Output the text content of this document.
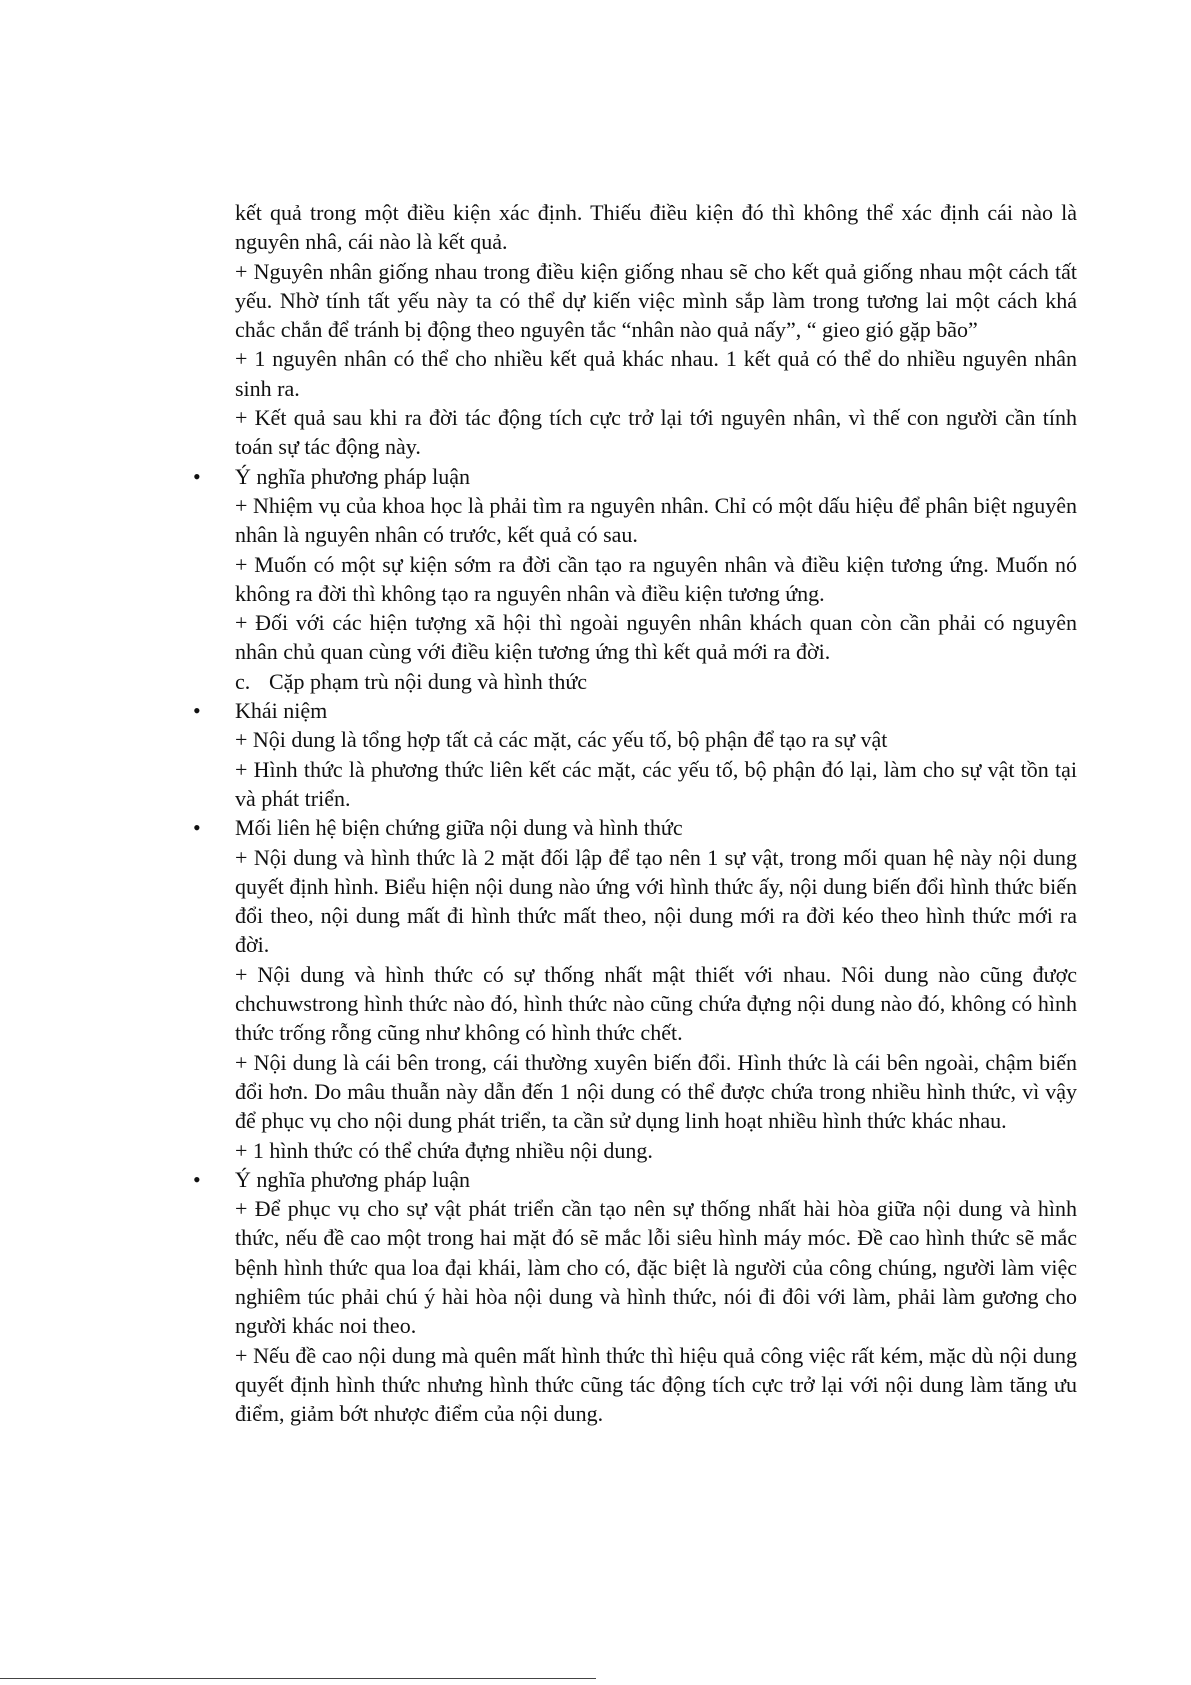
kết quả trong một điều kiện xác định. Thiếu điều kiện đó thì không thể xác định cái nào là nguyên nhâ, cái nào là kết quả.

+ Nguyên nhân giống nhau trong điều kiện giống nhau sẽ cho kết quả giống nhau một cách tất yếu. Nhờ tính tất yếu này ta có thể dự kiến việc mình sắp làm trong tương lai một cách khá chắc chắn để tránh bị động theo nguyên tắc “nhân nào quả nấy”, “ gieo gió gặp bão”

+ 1 nguyên nhân có thể cho nhiều kết quả khác nhau. 1 kết quả có thể do nhiều nguyên nhân sinh ra.

+ Kết quả sau khi ra đời tác động tích cực trở lại tới nguyên nhân, vì thế con người cần tính toán sự tác động này.

• Ý nghĩa phương pháp luận

+ Nhiệm vụ của khoa học là phải tìm ra nguyên nhân. Chỉ có một dấu hiệu để phân biệt nguyên nhân là nguyên nhân có trước, kết quả có sau.

+ Muốn có một sự kiện sớm ra đời cần tạo ra nguyên nhân và điều kiện tương ứng. Muốn nó không ra đời thì không tạo ra nguyên nhân và điều kiện tương ứng.

+ Đối với các hiện tượng xã hội thì ngoài nguyên nhân khách quan còn cần phải có nguyên nhân chủ quan cùng với điều kiện tương ứng thì kết quả mới ra đời.

c. Cặp phạm trù nội dung và hình thức

• Khái niệm

+ Nội dung là tổng hợp tất cả các mặt, các yếu tố, bộ phận để tạo ra sự vật

+ Hình thức là phương thức liên kết các mặt, các yếu tố, bộ phận đó lại, làm cho sự vật tồn tại và phát triển.

• Mối liên hệ biện chứng giữa nội dung và hình thức

+ Nội dung và hình thức là 2 mặt đối lập để tạo nên 1 sự vật, trong mối quan hệ này nội dung quyết định hình. Biểu hiện nội dung nào ứng với hình thức ấy, nội dung biến đổi hình thức biến đổi theo, nội dung mất đi hình thức mất theo, nội dung mới ra đời kéo theo hình thức mới ra đời.

+ Nội dung và hình thức có sự thống nhất mật thiết với nhau. Nôi dung nào cũng được chchuwstrong hình thức nào đó, hình thức nào cũng chứa đựng nội dung nào đó, không có hình thức trống rỗng cũng như không có hình thức chết.

+ Nội dung là cái bên trong, cái thường xuyên biến đổi. Hình thức là cái bên ngoài, chậm biến đổi hơn. Do mâu thuẫn này dẫn đến 1 nội dung có thể được chứa trong nhiều hình thức, vì vậy để phục vụ cho nội dung phát triển, ta cần sử dụng linh hoạt nhiều hình thức khác nhau.

+ 1 hình thức có thể chứa đựng nhiều nội dung.

• Ý nghĩa phương pháp luận

+ Để phục vụ cho sự vật phát triển cần tạo nên sự thống nhất hài hòa giữa nội dung và hình thức, nếu đề cao một trong hai mặt đó sẽ mắc lỗi siêu hình máy móc. Đề cao hình thức sẽ mắc bệnh hình thức qua loa đại khái, làm cho có, đặc biệt là người của công chúng, người làm việc nghiêm túc phải chú ý hài hòa nội dung và hình thức, nói đi đôi với làm, phải làm gương cho người khác noi theo.

+ Nếu đề cao nội dung mà quên mất hình thức thì hiệu quả công việc rất kém, mặc dù nội dung quyết định hình thức nhưng hình thức cũng tác động tích cực trở lại với nội dung làm tăng ưu điểm, giảm bớt nhược điểm của nội dung.
